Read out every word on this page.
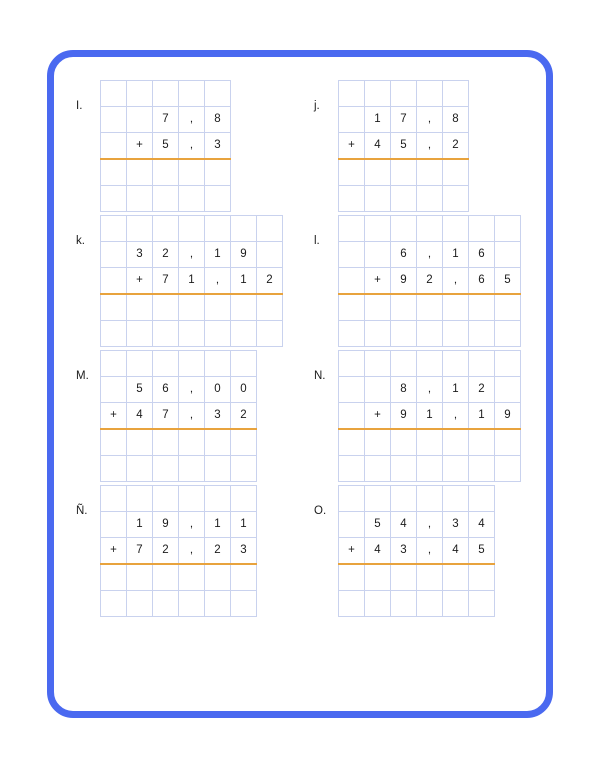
I.

		7	,	8
	+	5	,	3

j.

	1	7	,	8
+	4	5	,	2

k.

	3	2	,	1	9	
	+	7	1	,	1	2

l.

		6	,	1	6	
	+	9	2	,	6	5

M.

	5	6	,	0	0
+	4	7	,	3	2

N.

		8	,	1	2	
	+	9	1	,	1	9

Ñ.

	1	9	,	1	1
+	7	2	,	2	3

O.

	5	4	,	3	4
+	4	3	,	4	5
